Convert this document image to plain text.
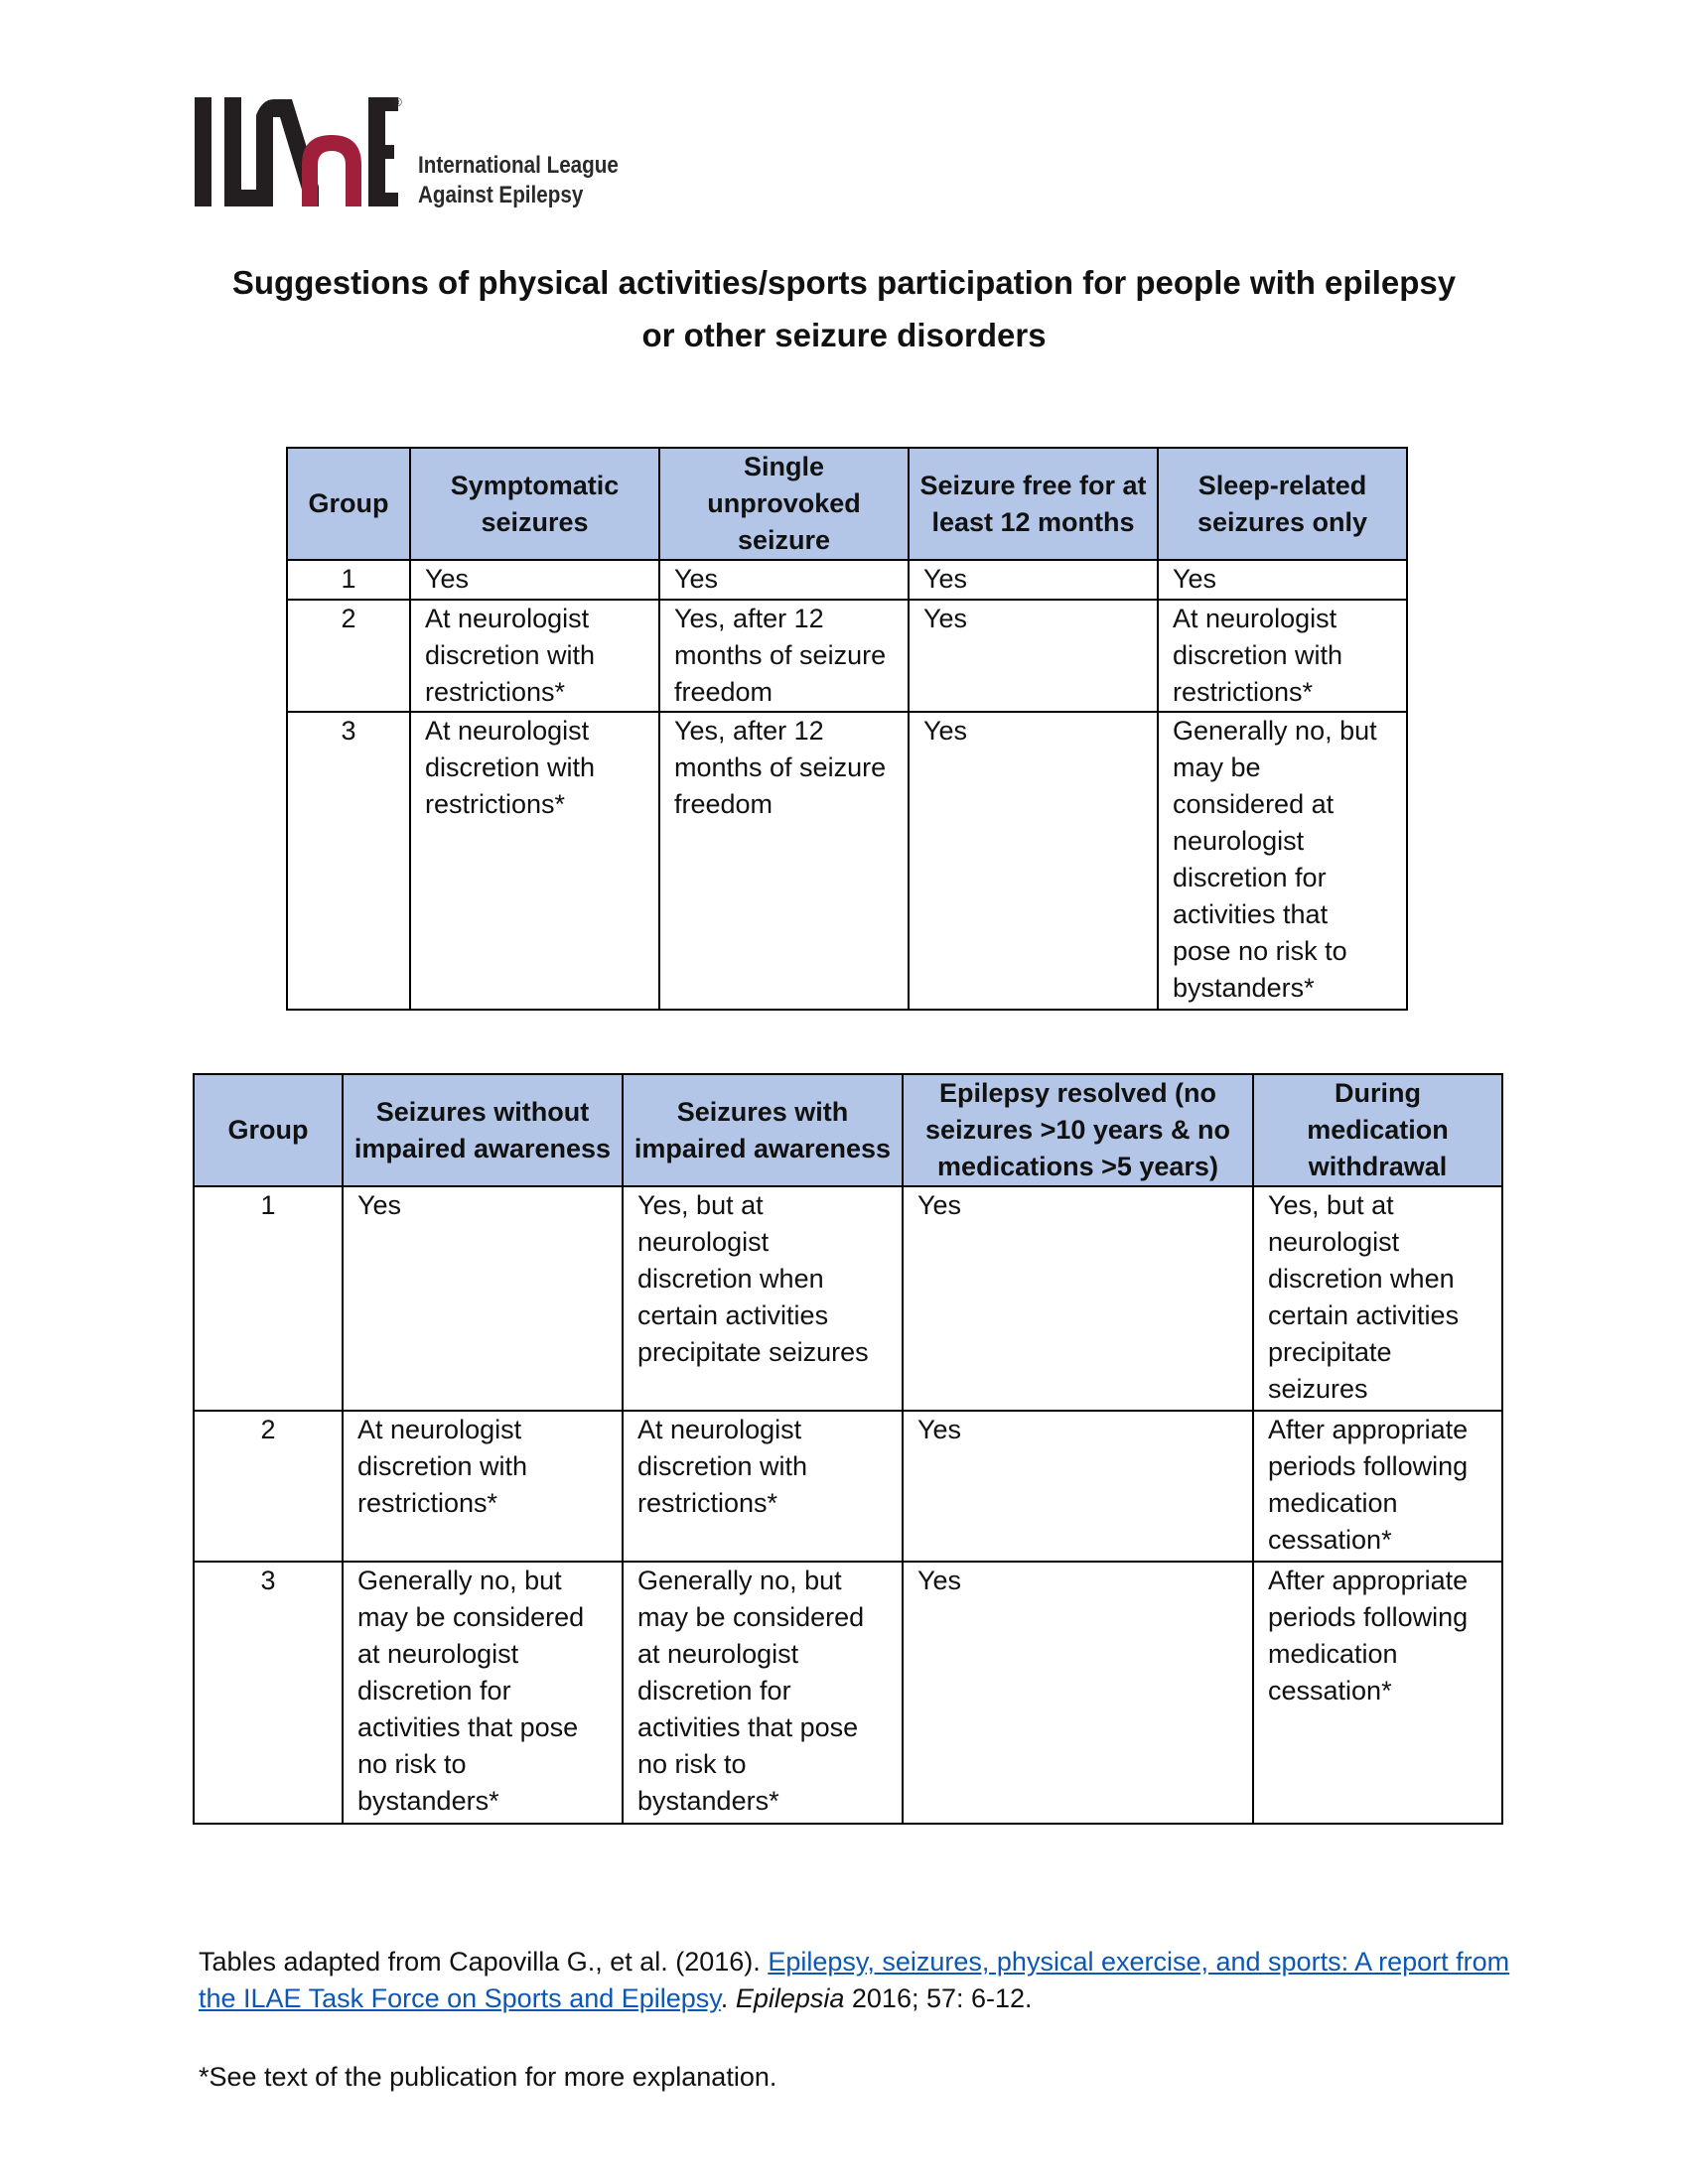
®
International League
Against Epilepsy
Suggestions of physical activities/sports participation for people with epilepsy
or other seizure disorders
Group	Symptomatic seizures	Single unprovoked seizure	Seizure free for at least 12 months	Sleep-related seizures only
1	Yes	Yes	Yes	Yes
2	At neurologist discretion with restrictions*	Yes, after 12 months of seizure freedom	Yes	At neurologist discretion with restrictions*
3	At neurologist discretion with restrictions*	Yes, after 12 months of seizure freedom	Yes	Generally no, but may be considered at neurologist discretion for activities that pose no risk to bystanders*
Group	Seizures without impaired awareness	Seizures with impaired awareness	Epilepsy resolved (no seizures >10 years & no medications >5 years)	During medication withdrawal
1	Yes	Yes, but at neurologist discretion when certain activities precipitate seizures	Yes	Yes, but at neurologist discretion when certain activities precipitate seizures
2	At neurologist discretion with restrictions*	At neurologist discretion with restrictions*	Yes	After appropriate periods following medication cessation*
3	Generally no, but may be considered at neurologist discretion for activities that pose no risk to bystanders*	Generally no, but may be considered at neurologist discretion for activities that pose no risk to bystanders*	Yes	After appropriate periods following medication cessation*
Tables adapted from Capovilla G., et al. (2016). Epilepsy, seizures, physical exercise, and sports: A report from the ILAE Task Force on Sports and Epilepsy. Epilepsia 2016; 57: 6-12.
*See text of the publication for more explanation.
